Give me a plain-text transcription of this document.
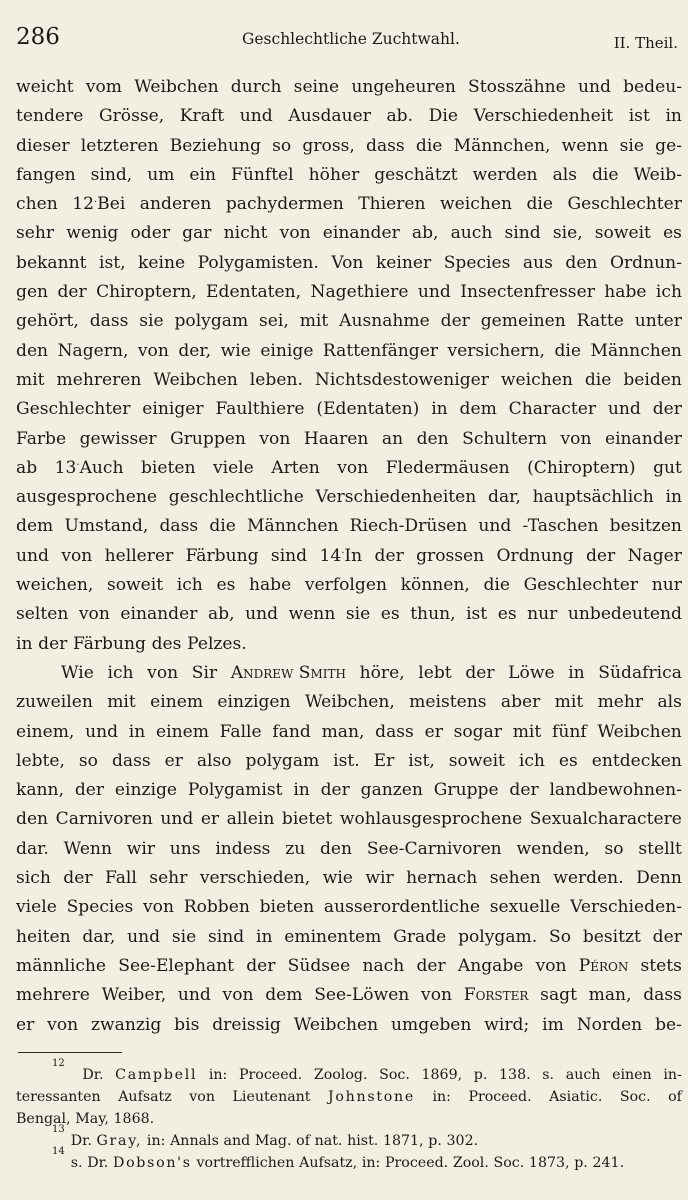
286	Geschlechtliche Zuchtwahl.	II. Theil.
weicht vom Weibchen durch seine ungeheuren Stosszähne und bedeu-
tendere Grösse, Kraft und Ausdauer ab. Die Verschiedenheit ist in
dieser letzteren Beziehung so gross, dass die Männchen, wenn sie ge-
fangen sind, um ein Fünftel höher geschätzt werden als die Weib-
chen 12.Bei anderen pachydermen Thieren weichen die Geschlechter
sehr wenig oder gar nicht von einander ab, auch sind sie, soweit es
bekannt ist, keine Polygamisten. Von keiner Species aus den Ordnun-
gen der Chiroptern, Edentaten, Nagethiere und Insectenfresser habe ich
gehört, dass sie polygam sei, mit Ausnahme der gemeinen Ratte unter
den Nagern, von der, wie einige Rattenfänger versichern, die Männchen
mit mehreren Weibchen leben. Nichtsdestoweniger weichen die beiden
Geschlechter einiger Faulthiere (Edentaten) in dem Character und der
Farbe gewisser Gruppen von Haaren an den Schultern von einander
ab 13.Auch bieten viele Arten von Fledermäusen (Chiroptern) gut
ausgesprochene geschlechtliche Verschiedenheiten dar, hauptsächlich in
dem Umstand, dass die Männchen Riech-Drüsen und -Taschen besitzen
und von hellerer Färbung sind 14.In der grossen Ordnung der Nager
weichen, soweit ich es habe verfolgen können, die Geschlechter nur
selten von einander ab, und wenn sie es thun, ist es nur unbedeutend
in der Färbung des Pelzes.
Wie ich von Sir Andrew Smith höre, lebt der Löwe in Südafrica
zuweilen mit einem einzigen Weibchen, meistens aber mit mehr als
einem, und in einem Falle fand man, dass er sogar mit fünf Weibchen
lebte, so dass er also polygam ist. Er ist, soweit ich es entdecken
kann, der einzige Polygamist in der ganzen Gruppe der landbewohnen-
den Carnivoren und er allein bietet wohlausgesprochene Sexualcharactere
dar. Wenn wir uns indess zu den See-Carnivoren wenden, so stellt
sich der Fall sehr verschieden, wie wir hernach sehen werden. Denn
viele Species von Robben bieten ausserordentliche sexuelle Verschieden-
heiten dar, und sie sind in eminentem Grade polygam. So besitzt der
männliche See-Elephant der Südsee nach der Angabe von Péron stets
mehrere Weiber, und von dem See-Löwen von Forster sagt man, dass
er von zwanzig bis dreissig Weibchen umgeben wird; im Norden be-
12
Dr. Campbell in: Proceed. Zoolog. Soc. 1869, p. 138. s. auch einen in-
teressanten Aufsatz von Lieutenant Johnstone in: Proceed. Asiatic. Soc. of
Bengal, May, 1868.
13
Dr. Gray, in: Annals and Mag. of nat. hist. 1871, p. 302.
14
s. Dr. Dobson's vortrefflichen Aufsatz, in: Proceed. Zool. Soc. 1873, p. 241.
